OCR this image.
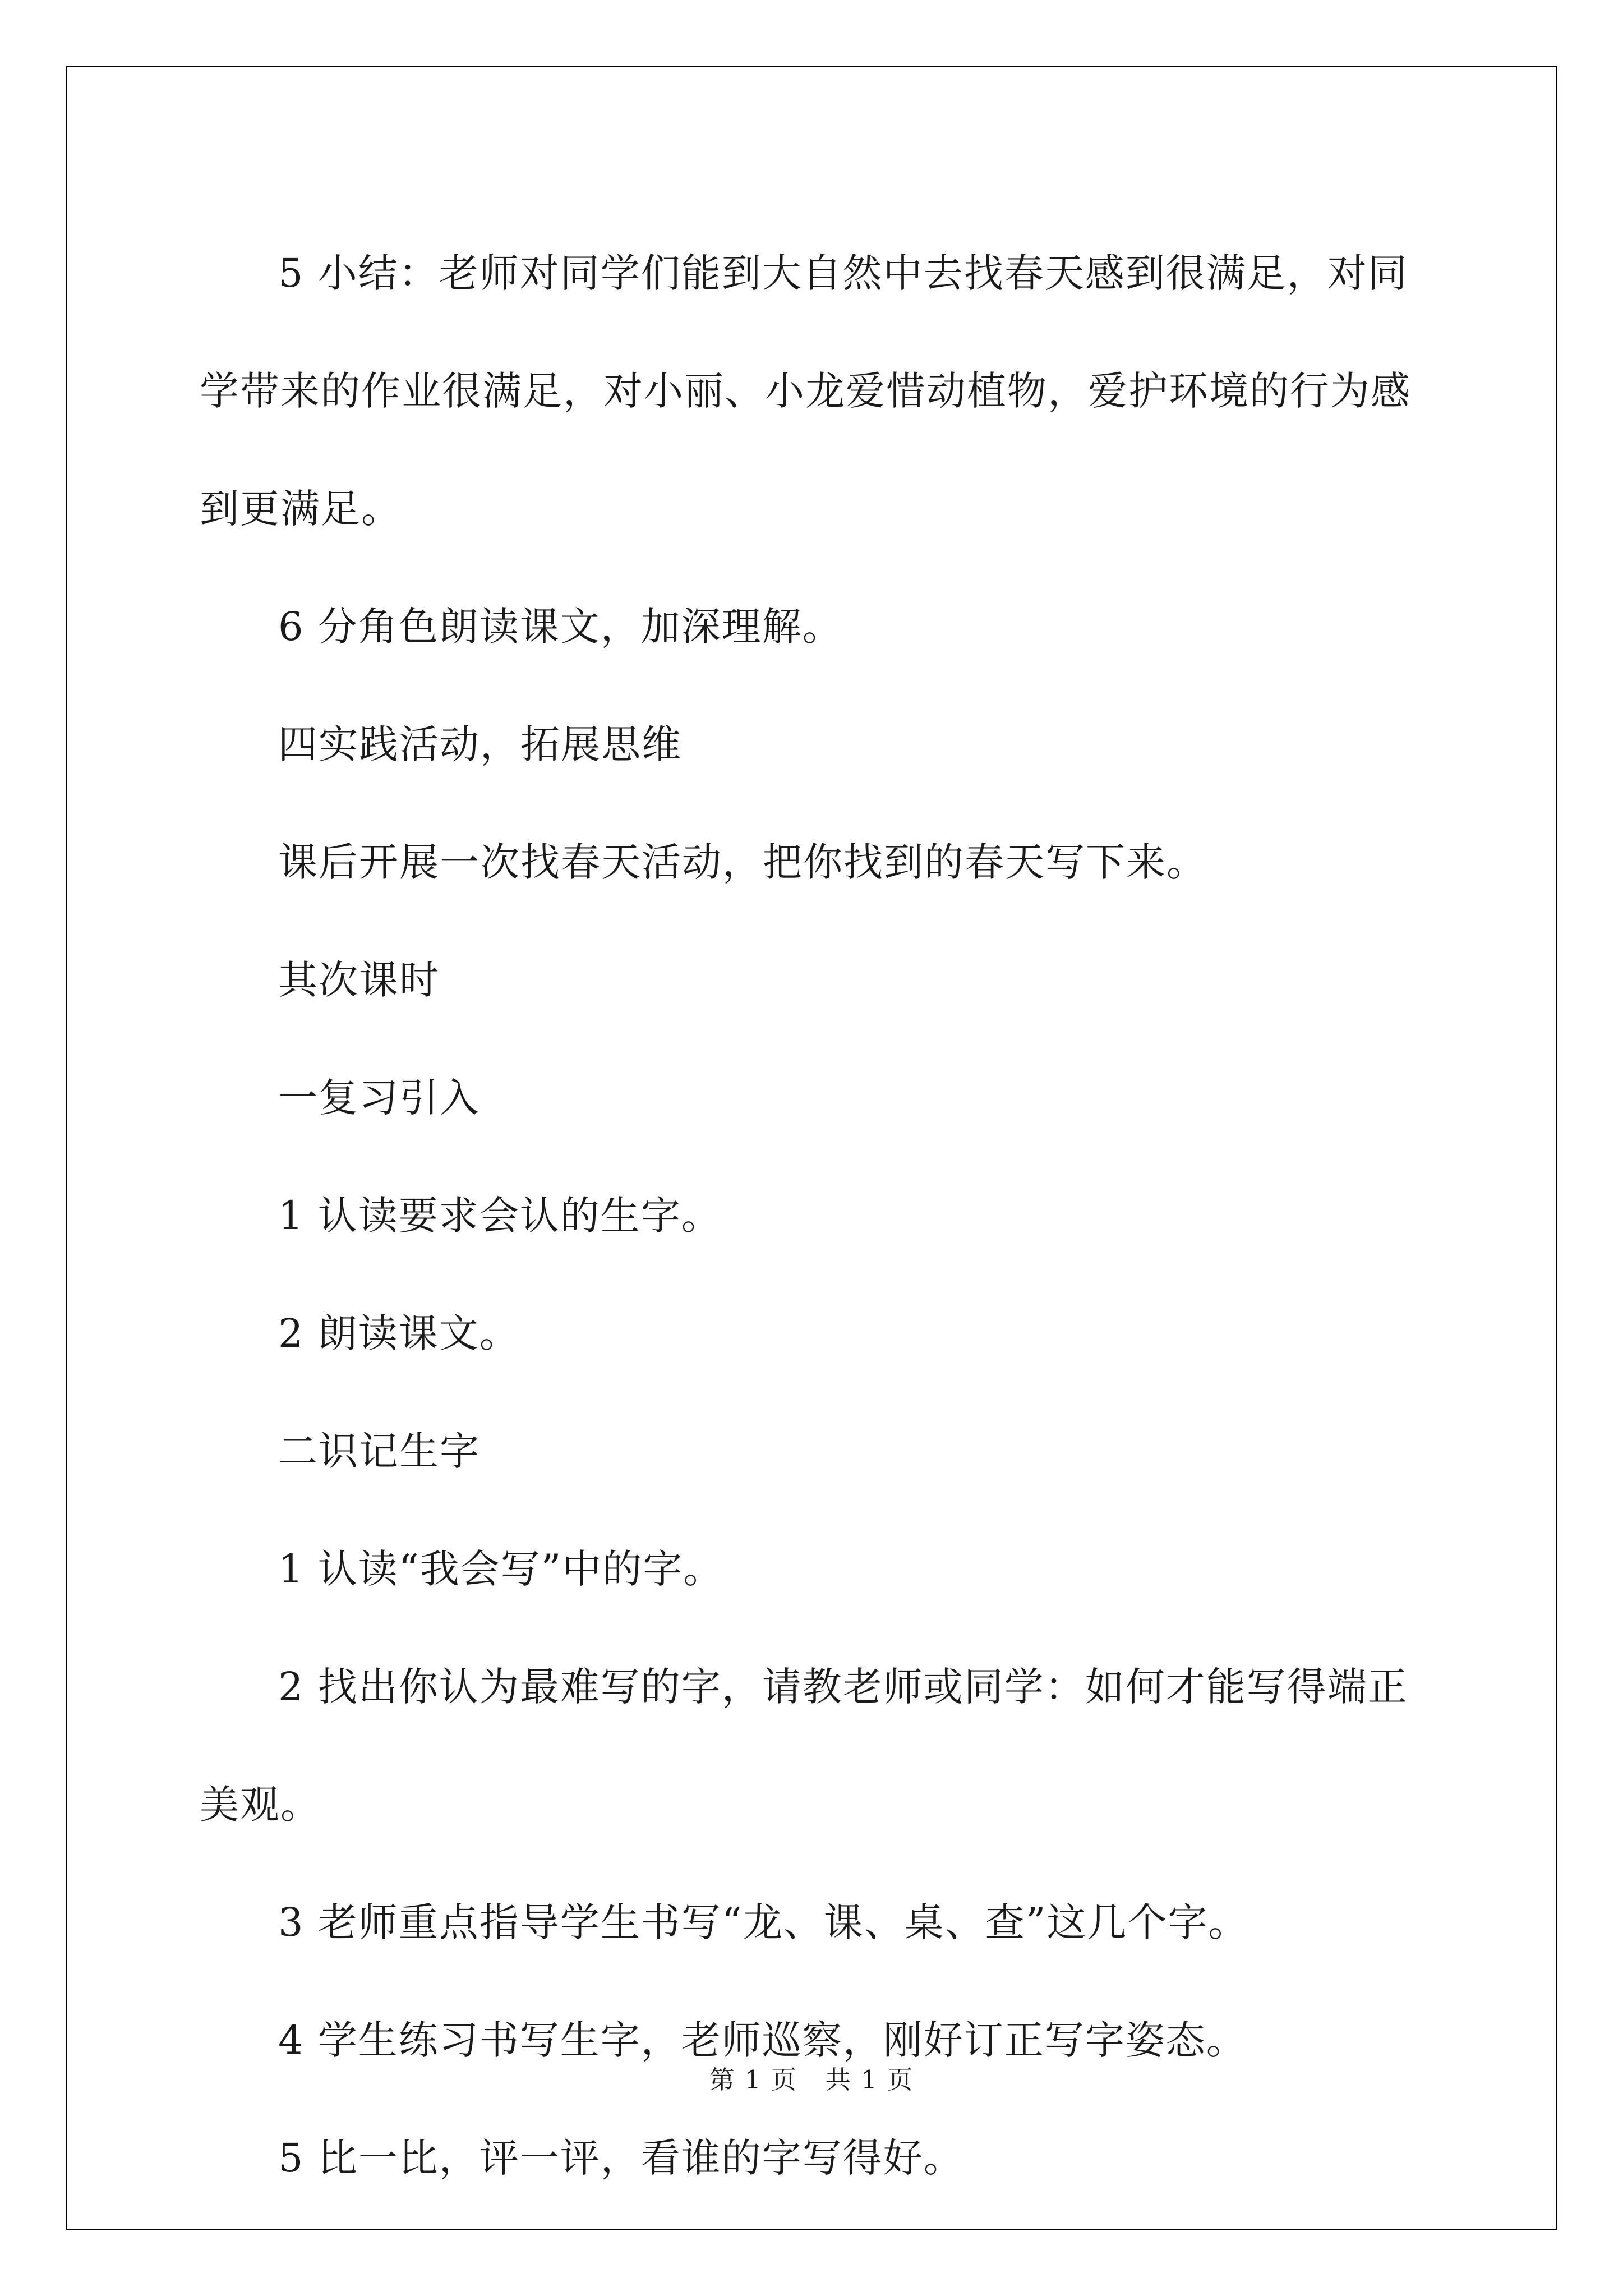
5 小结：老师对同学们能到大自然中去找春天感到很满足，对同

学带来的作业很满足，对小丽、小龙爱惜动植物，爱护环境的行为感

到更满足。

6 分角色朗读课文，加深理解。

四实践活动，拓展思维

课后开展一次找春天活动，把你找到的春天写下来。

其次课时

一复习引入

1 认读要求会认的生字。

2 朗读课文。

二识记生字

1 认读“我会写”中的字。

2 找出你认为最难写的字，请教老师或同学：如何才能写得端正

美观。

3 老师重点指导学生书写“龙、课、桌、查”这几个字。

4 学生练习书写生字，老师巡察，刚好订正写字姿态。

5 比一比，评一评，看谁的字写得好。

第 1 页 共 1 页
